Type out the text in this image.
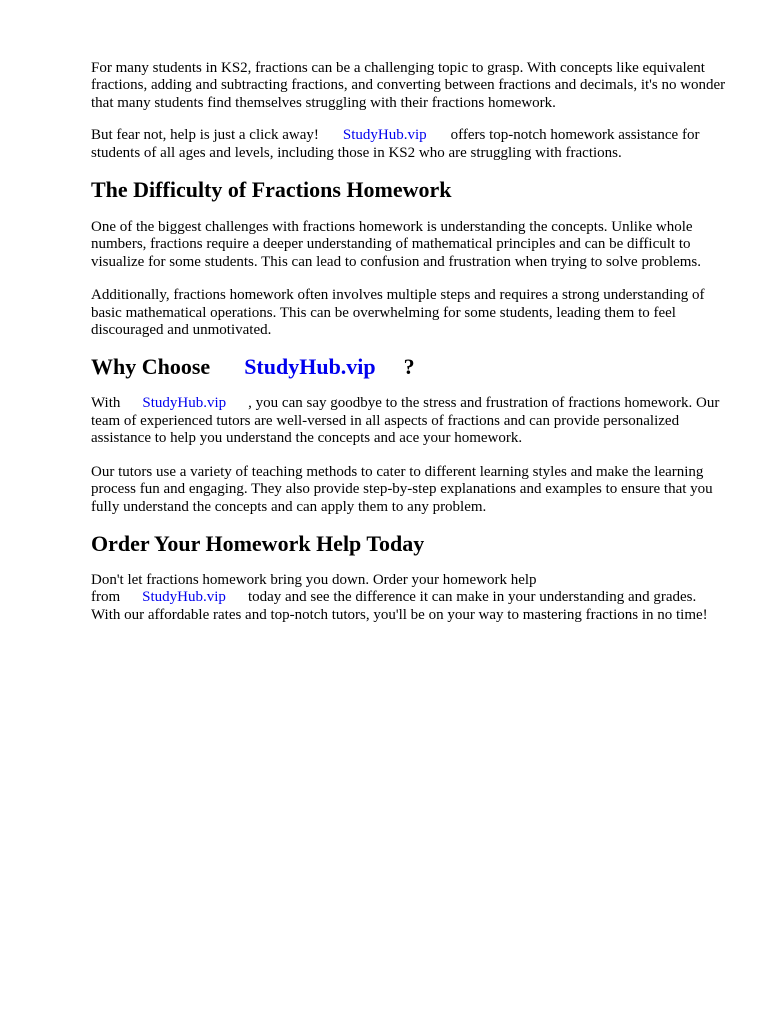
For many students in KS2, fractions can be a challenging topic to grasp. With concepts like equivalent fractions, adding and subtracting fractions, and converting between fractions and decimals, it's no wonder that many students find themselves struggling with their fractions homework.

But fear not, help is just a click away! StudyHub.vip offers top-notch homework assistance for students of all ages and levels, including those in KS2 who are struggling with fractions.

The Difficulty of Fractions Homework

One of the biggest challenges with fractions homework is understanding the concepts. Unlike whole numbers, fractions require a deeper understanding of mathematical principles and can be difficult to visualize for some students. This can lead to confusion and frustration when trying to solve problems.

Additionally, fractions homework often involves multiple steps and requires a strong understanding of basic mathematical operations. This can be overwhelming for some students, leading them to feel discouraged and unmotivated.

Why Choose StudyHub.vip ?

With StudyHub.vip , you can say goodbye to the stress and frustration of fractions homework. Our team of experienced tutors are well-versed in all aspects of fractions and can provide personalized assistance to help you understand the concepts and ace your homework.

Our tutors use a variety of teaching methods to cater to different learning styles and make the learning process fun and engaging. They also provide step-by-step explanations and examples to ensure that you fully understand the concepts and can apply them to any problem.

Order Your Homework Help Today

Don't let fractions homework bring you down. Order your homework help from StudyHub.vip today and see the difference it can make in your understanding and grades. With our affordable rates and top-notch tutors, you'll be on your way to mastering fractions in no time!
